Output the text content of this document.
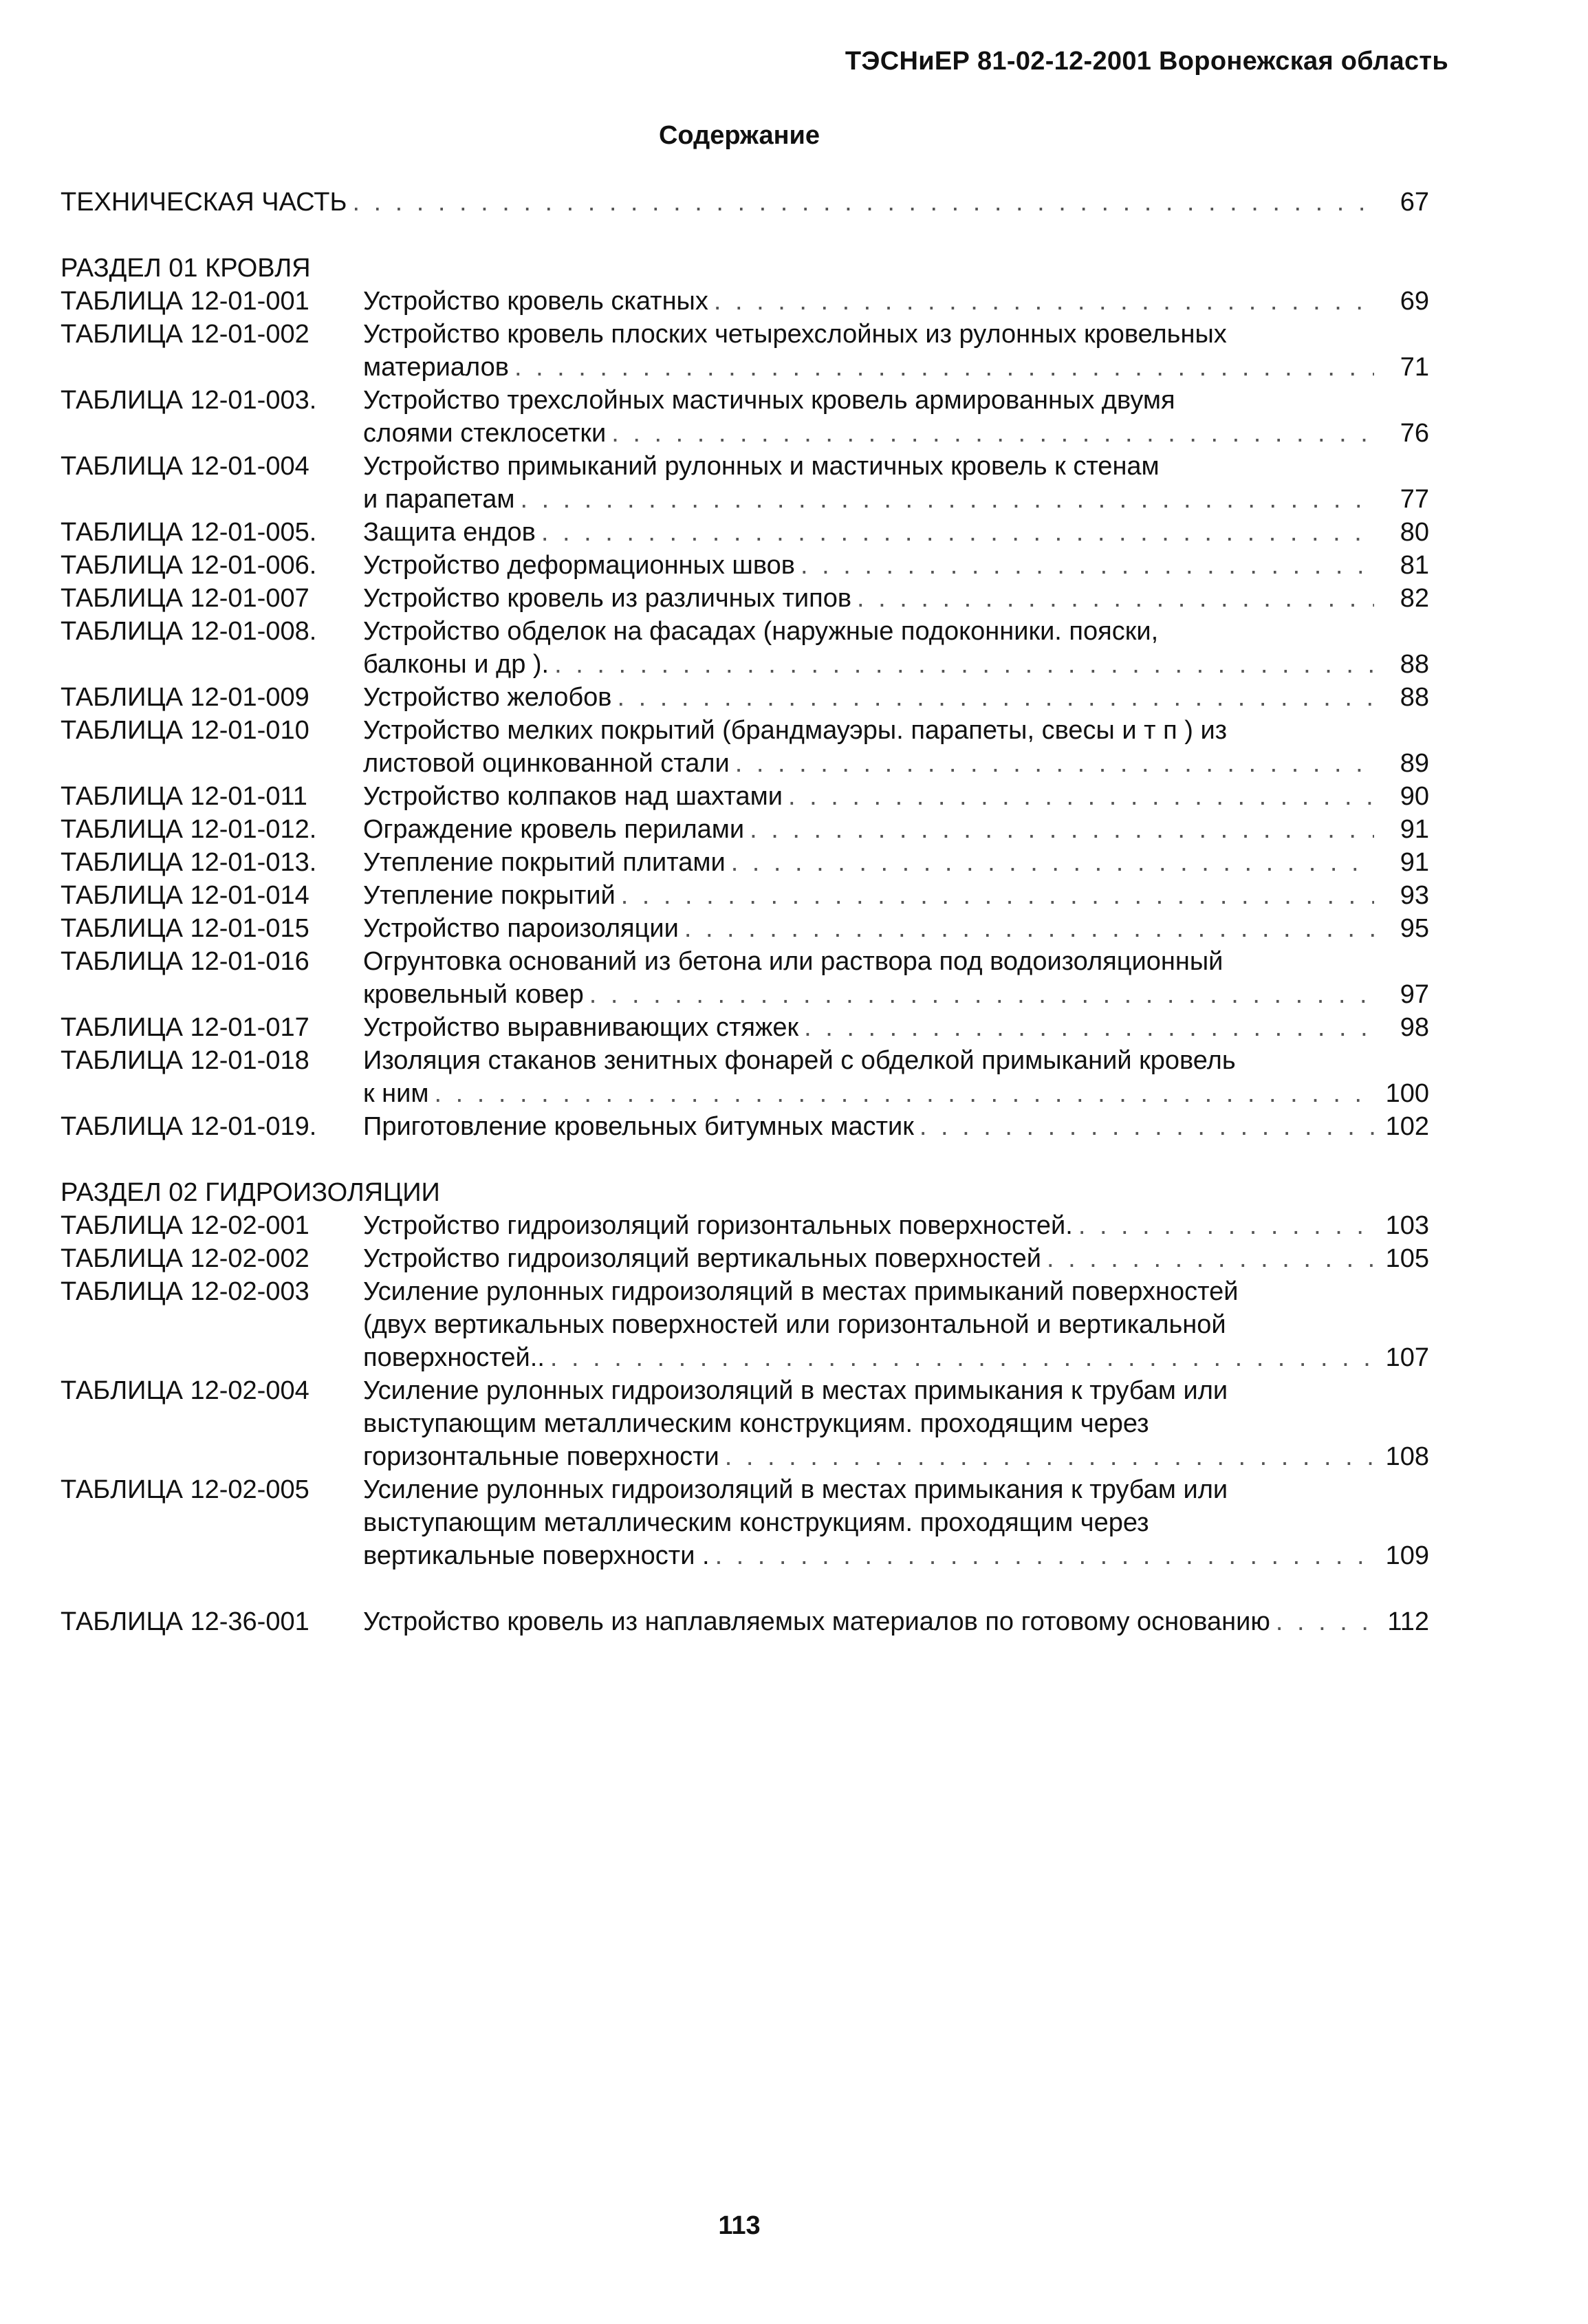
ТЭСНиЕР 81-02-12-2001 Воронежская область
Содержание
ТЕХНИЧЕСКАЯ ЧАСТЬ . . .	67
РАЗДЕЛ 01 КРОВЛЯ
ТАБЛИЦА 12-01-001	Устройство кровель скатных . . .	69
ТАБЛИЦА 12-01-002	Устройство кровель плоских четырехслойных из рулонных кровельных
материалов . . .	71
ТАБЛИЦА 12-01-003.	Устройство трехслойных мастичных кровель армированных двумя
слоями стеклосетки . . .	76
ТАБЛИЦА 12-01-004	Устройство примыканий рулонных и мастичных кровель к стенам
и парапетам . . .	77
ТАБЛИЦА 12-01-005.	Защита ендов . . .	80
ТАБЛИЦА 12-01-006.	Устройство деформационных швов . . .	81
ТАБЛИЦА 12-01-007	Устройство кровель из различных типов . . .	82
ТАБЛИЦА 12-01-008.	Устройство обделок на фасадах (наружные подоконники. пояски,
балконы и др ). . . .	88
ТАБЛИЦА 12-01-009	Устройство желобов . . .	88
ТАБЛИЦА 12-01-010	Устройство мелких покрытий (брандмауэры. парапеты, свесы и т п ) из
листовой оцинкованной стали . . .	89
ТАБЛИЦА 12-01-011	Устройство колпаков над шахтами . . .	90
ТАБЛИЦА 12-01-012.	Ограждение кровель перилами . . .	91
ТАБЛИЦА 12-01-013.	Утепление покрытий плитами . . .	91
ТАБЛИЦА 12-01-014	Утепление покрытий . . .	93
ТАБЛИЦА 12-01-015	Устройство пароизоляции . . .	95
ТАБЛИЦА 12-01-016	Огрунтовка оснований из бетона или раствора под водоизоляционный
кровельный ковер . . .	97
ТАБЛИЦА 12-01-017	Устройство выравнивающих стяжек . . .	98
ТАБЛИЦА 12-01-018	Изоляция стаканов зенитных фонарей с обделкой примыканий кровель
к ним . . .	100
ТАБЛИЦА 12-01-019.	Приготовление кровельных битумных мастик . . .	102
РАЗДЕЛ 02 ГИДРОИЗОЛЯЦИИ
ТАБЛИЦА 12-02-001	Устройство гидроизоляций горизонтальных поверхностей. . . .	103
ТАБЛИЦА 12-02-002	Устройство гидроизоляций вертикальных поверхностей . . .	105
ТАБЛИЦА 12-02-003	Усиление рулонных гидроизоляций в местах примыканий поверхностей
(двух вертикальных поверхностей или горизонтальной и вертикальной
поверхностей.. . . .	107
ТАБЛИЦА 12-02-004	Усиление рулонных гидроизоляций в местах примыкания к трубам или
выступающим металлическим конструкциям. проходящим через
горизонтальные поверхности . . .	108
ТАБЛИЦА 12-02-005	Усиление рулонных гидроизоляций в местах примыкания к трубам или
выступающим металлическим конструкциям. проходящим через
вертикальные поверхности . . . .	109
ТАБЛИЦА 12-36-001	Устройство кровель из наплавляемых материалов по готовому основанию . . .	112
113
